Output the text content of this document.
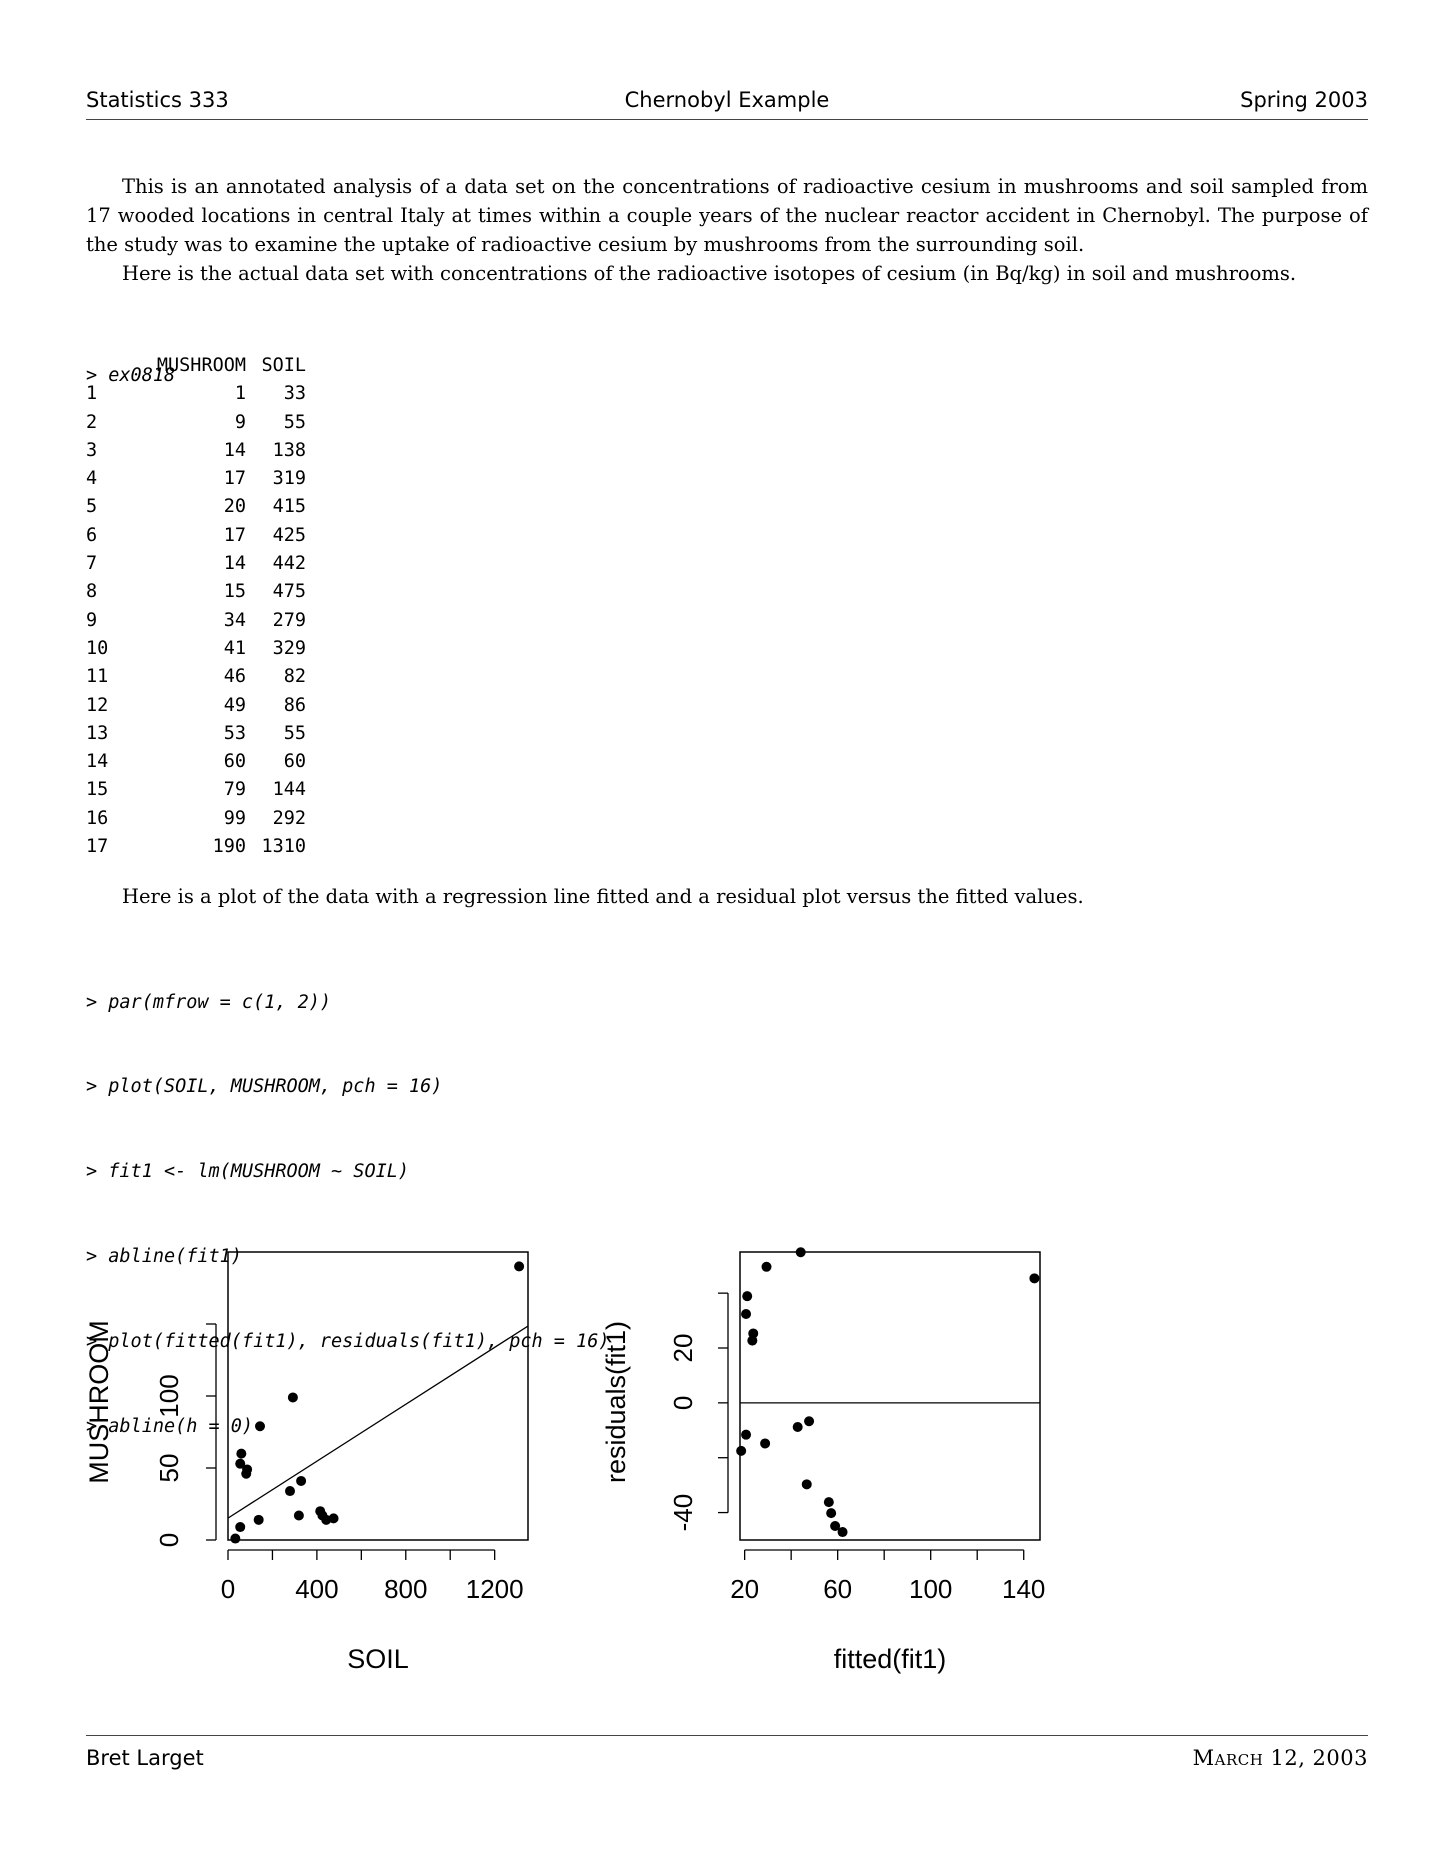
Statistics 333	Chernobyl Example	Spring 2003

This is an annotated analysis of a data set on the concentrations of radioactive cesium in mushrooms and soil sampled from 17 wooded locations in central Italy at times within a couple years of the nuclear reactor accident in Chernobyl. The purpose of the study was to examine the uptake of radioactive cesium by mushrooms from the surrounding soil.

Here is the actual data set with concentrations of the radioactive isotopes of cesium (in Bq/kg) in soil and mushrooms.

> ex0818

MUSHROOM SOIL
1	1 33
2	9 55
3	14 138
4	17 319
5	20 415
6	17 425
7	14 442
8	15 475
9	34 279
10	41 329
11	46 82
12	49 86
13	53 55
14	60 60
15	79 144
16	99 292
17	190 1310

Here is a plot of the data with a regression line fitted and a residual plot versus the fitted values.

> par(mfrow = c(1, 2))

> plot(SOIL, MUSHROOM, pch = 16)

> fit1 <- lm(MUSHROOM ~ SOIL)

> abline(fit1)

> plot(fitted(fit1), residuals(fit1), pch = 16)

> abline(h = 0)

0 400 800 1200
0
50
100
SOIL
MUSHROOM
20 60 100 140
-40
0
20
fitted(fit1)
residuals(fit1)
Bret Larget	March 12, 2003
